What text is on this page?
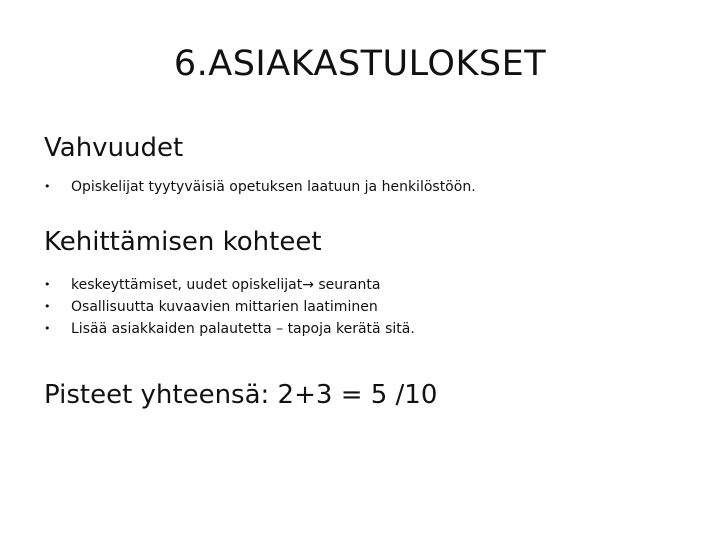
6.ASIAKASTULOKSET
Vahvuudet
• Opiskelijat tyytyväisiä opetuksen laatuun ja henkilöstöön.
Kehittämisen kohteet
• keskeyttämiset, uudet opiskelijat→ seuranta
• Osallisuutta kuvaavien mittarien laatiminen
• Lisää asiakkaiden palautetta – tapoja kerätä sitä.
Pisteet yhteensä: 2+3 = 5 /10
